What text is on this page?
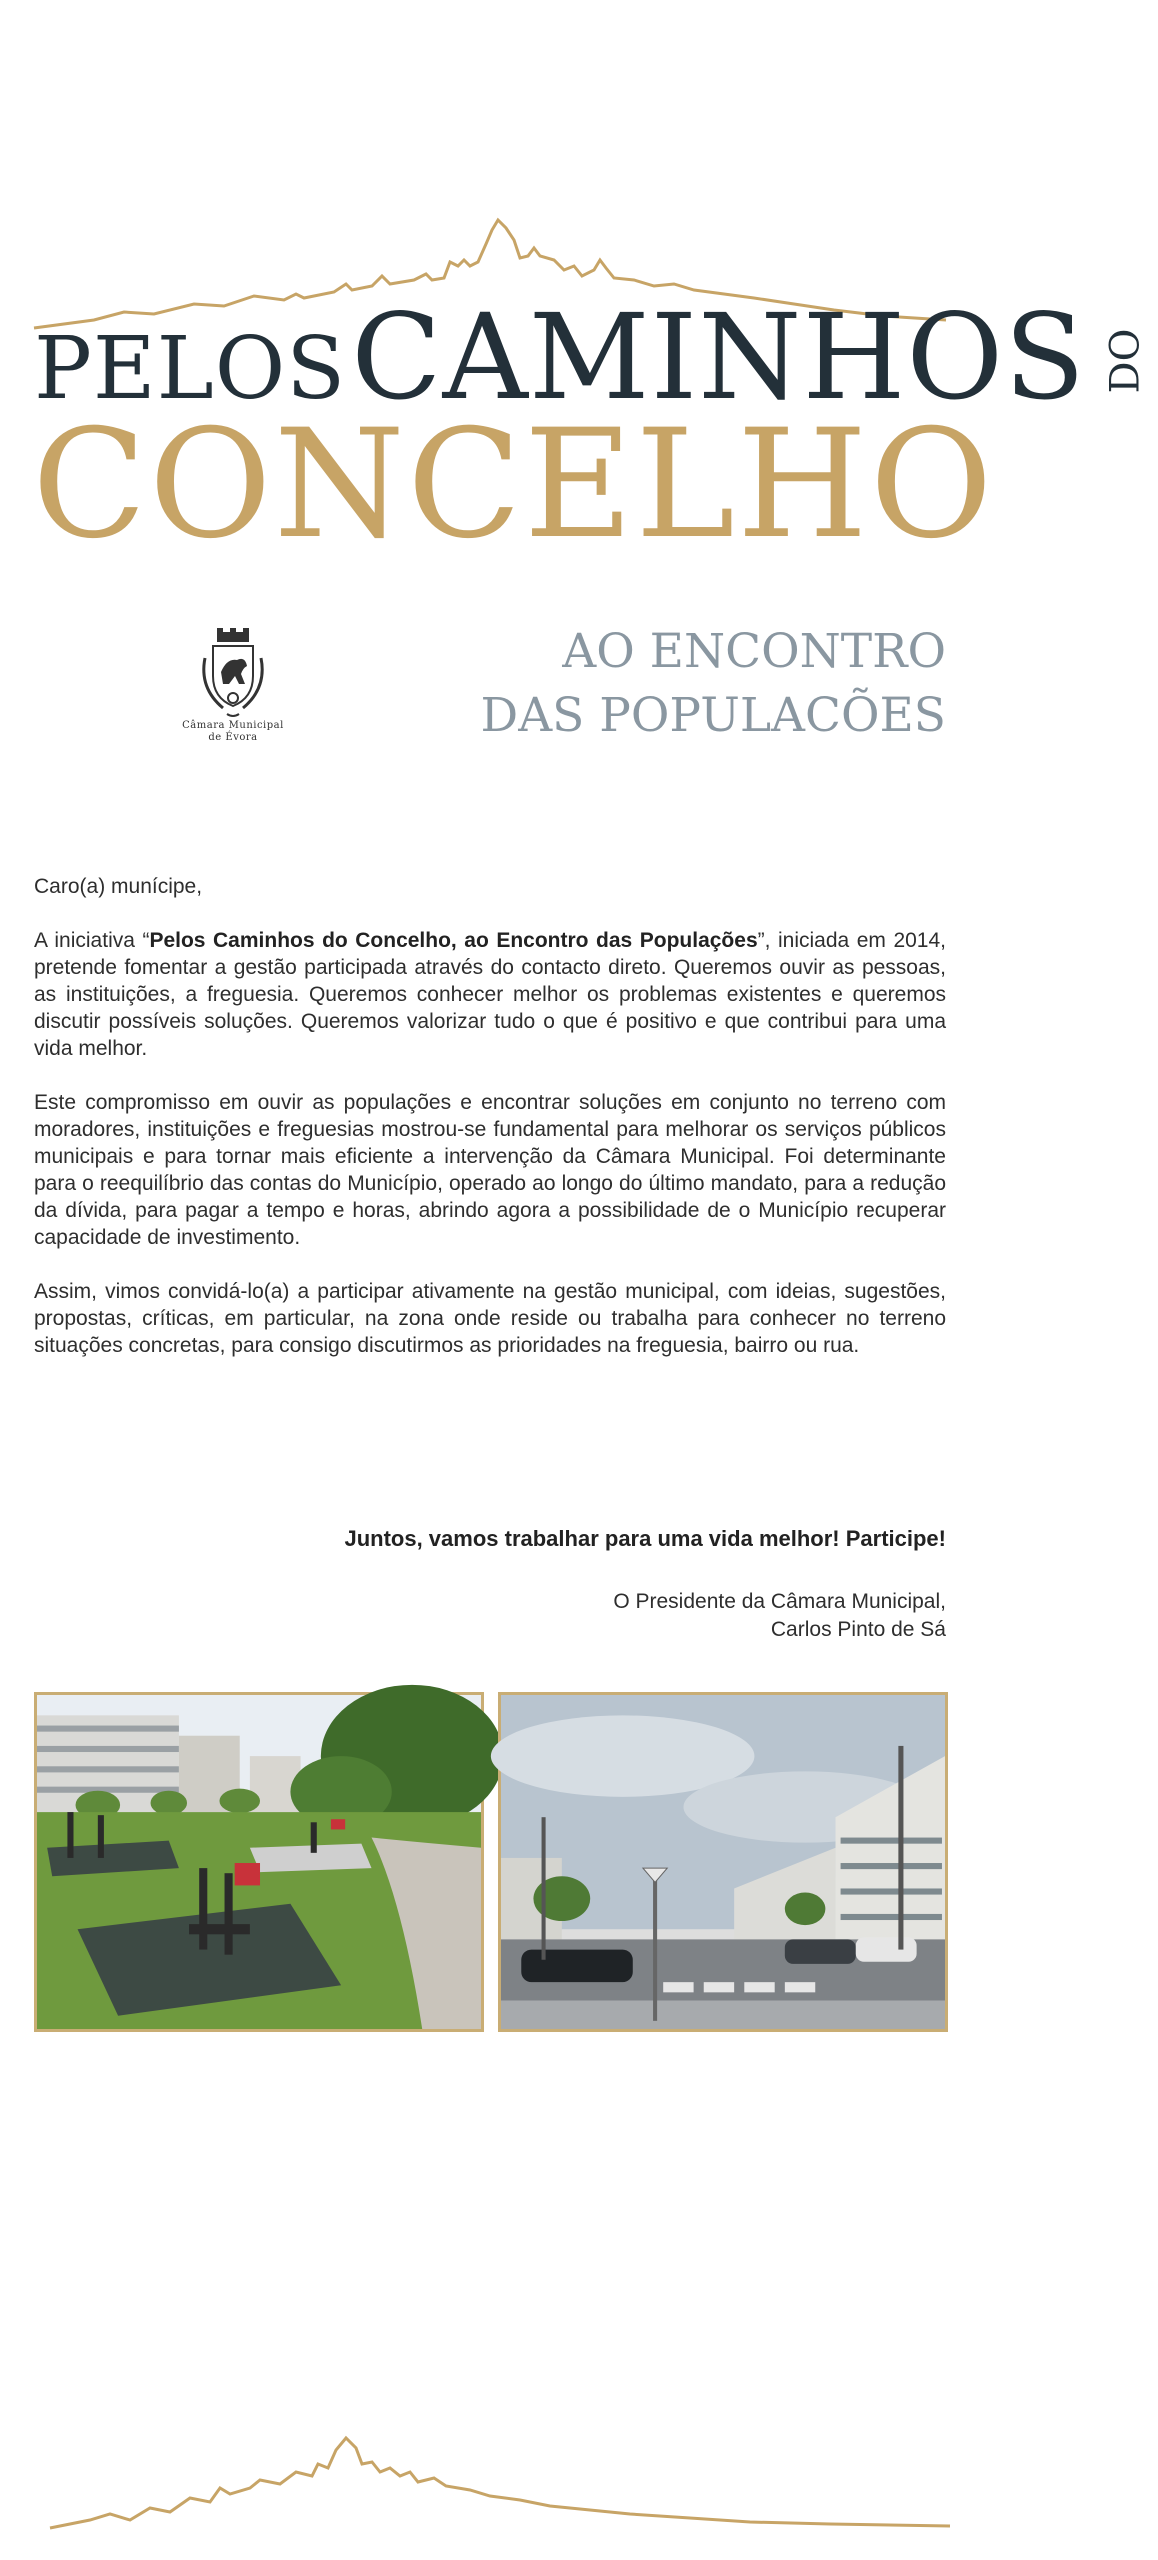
PELOS CAMINHOS DO
CONCELHO
Câmara Municipal
de Évora
AO ENCONTRO
DAS POPULACÕES

Caro(a) munícipe,

A iniciativa “Pelos Caminhos do Concelho, ao Encontro das Populações”, iniciada em 2014, pretende fomentar a gestão participada através do contacto direto. Queremos ouvir as pessoas, as instituições, a freguesia. Queremos conhecer melhor os problemas existentes e queremos discutir possíveis soluções. Queremos valorizar tudo o que é positivo e que contribui para uma vida melhor.

Este compromisso em ouvir as populações e encontrar soluções em conjunto no terreno com moradores, instituições e freguesias mostrou-se fundamental para melhorar os serviços públicos municipais e para tornar mais eficiente a intervenção da Câmara Municipal. Foi determinante para o reequilíbrio das contas do Município, operado ao longo do último mandato, para a redução da dívida, para pagar a tempo e horas, abrindo agora a possibilidade de o Município recuperar capacidade de investimento.

Assim, vimos convidá-lo(a) a participar ativamente na gestão municipal, com ideias, sugestões, propostas, críticas, em particular, na zona onde reside ou trabalha para conhecer no terreno situações concretas, para consigo discutirmos as prioridades na freguesia, bairro ou rua.

Juntos, vamos trabalhar para uma vida melhor! Participe!
O Presidente da Câmara Municipal,
Carlos Pinto de Sá
